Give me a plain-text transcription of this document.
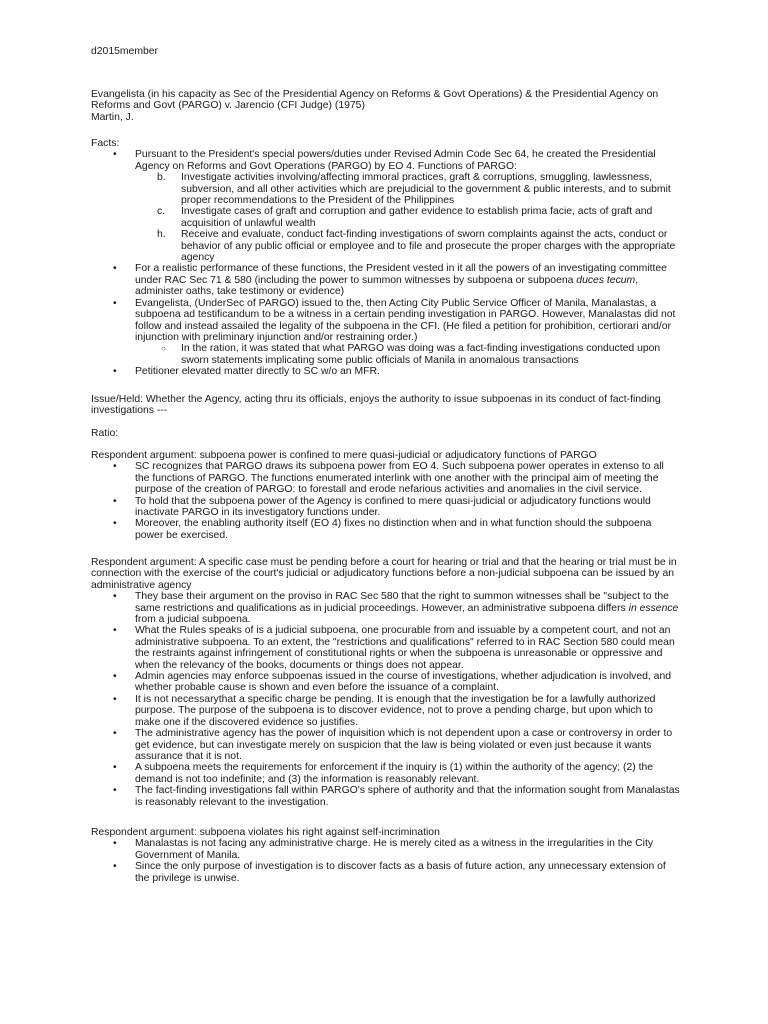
d2015member

Evangelista (in his capacity as Sec of the Presidential Agency on Reforms & Govt Operations) & the Presidential Agency on Reforms and Govt (PARGO) v. Jarencio (CFI Judge) (1975)

Martin, J.

Facts:

• Pursuant to the President's special powers/duties under Revised Admin Code Sec 64, he created the Presidential Agency on Reforms and Govt Operations (PARGO) by EO 4. Functions of PARGO:
b. Investigate activities involving/affecting immoral practices, graft & corruptions, smuggling, lawlessness, subversion, and all other activities which are prejudicial to the government & public interests, and to submit proper recommendations to the President of the Philippines
c. Investigate cases of graft and corruption and gather evidence to establish prima facie, acts of graft and acquisition of unlawful wealth
h. Receive and evaluate, conduct fact-finding investigations of sworn complaints against the acts, conduct or behavior of any public official or employee and to file and prosecute the proper charges with the appropriate agency
• For a realistic performance of these functions, the President vested in it all the powers of an investigating committee under RAC Sec 71 & 580 (including the power to summon witnesses by subpoena or subpoena duces tecum, administer oaths, take testimony or evidence)
• Evangelista, (UnderSec of PARGO) issued to the, then Acting City Public Service Officer of Manila, Manalastas, a subpoena ad testificandum to be a witness in a certain pending investigation in PARGO. However, Manalastas did not follow and instead assailed the legality of the subpoena in the CFI. (He filed a petition for prohibition, certiorari and/or injunction with preliminary injunction and/or restraining order.)
○ In the ration, it was stated that what PARGO was doing was a fact-finding investigations conducted upon sworn statements implicating some public officials of Manila in anomalous transactions
• Petitioner elevated matter directly to SC w/o an MFR.

Issue/Held: Whether the Agency, acting thru its officials, enjoys the authority to issue subpoenas in its conduct of fact-finding investigations ---

Ratio:

Respondent argument: subpoena power is confined to mere quasi-judicial or adjudicatory functions of PARGO

• SC recognizes that PARGO draws its subpoena power from EO 4. Such subpoena power operates in extenso to all the functions of PARGO. The functions enumerated interlink with one another with the principal aim of meeting the purpose of the creation of PARGO: to forestall and erode nefarious activities and anomalies in the civil service.
• To hold that the subpoena power of the Agency is confined to mere quasi-judicial or adjudicatory functions would inactivate PARGO in its investigatory functions under.
• Moreover, the enabling authority itself (EO 4) fixes no distinction when and in what function should the subpoena power be exercised.

Respondent argument: A specific case must be pending before a court for hearing or trial and that the hearing or trial must be in connection with the exercise of the court's judicial or adjudicatory functions before a non-judicial subpoena can be issued by an administrative agency

• They base their argument on the proviso in RAC Sec 580 that the right to summon witnesses shall be "subject to the same restrictions and qualifications as in judicial proceedings. However, an administrative subpoena differs in essence from a judicial subpoena.
• What the Rules speaks of is a judicial subpoena, one procurable from and issuable by a competent court, and not an administrative subpoena. To an extent, the "restrictions and qualifications" referred to in RAC Section 580 could mean the restraints against infringement of constitutional rights or when the subpoena is unreasonable or oppressive and when the relevancy of the books, documents or things does not appear.
• Admin agencies may enforce subpoenas issued in the course of investigations, whether adjudication is involved, and whether probable cause is shown and even before the issuance of a complaint.
• It is not necessarythat a specific charge be pending. It is enough that the investigation be for a lawfully authorized purpose. The purpose of the subpoena is to discover evidence, not to prove a pending charge, but upon which to make one if the discovered evidence so justifies.
• The administrative agency has the power of inquisition which is not dependent upon a case or controversy in order to get evidence, but can investigate merely on suspicion that the law is being violated or even just because it wants assurance that it is not.
• A subpoena meets the requirements for enforcement if the inquiry is (1) within the authority of the agency; (2) the demand is not too indefinite; and (3) the information is reasonably relevant.
• The fact-finding investigations fall within PARGO's sphere of authority and that the information sought from Manalastas is reasonably relevant to the investigation.

Respondent argument: subpoena violates his right against self-incrimination

• Manalastas is not facing any administrative charge. He is merely cited as a witness in the irregularities in the City Government of Manila.
• Since the only purpose of investigation is to discover facts as a basis of future action, any unnecessary extension of the privilege is unwise.
